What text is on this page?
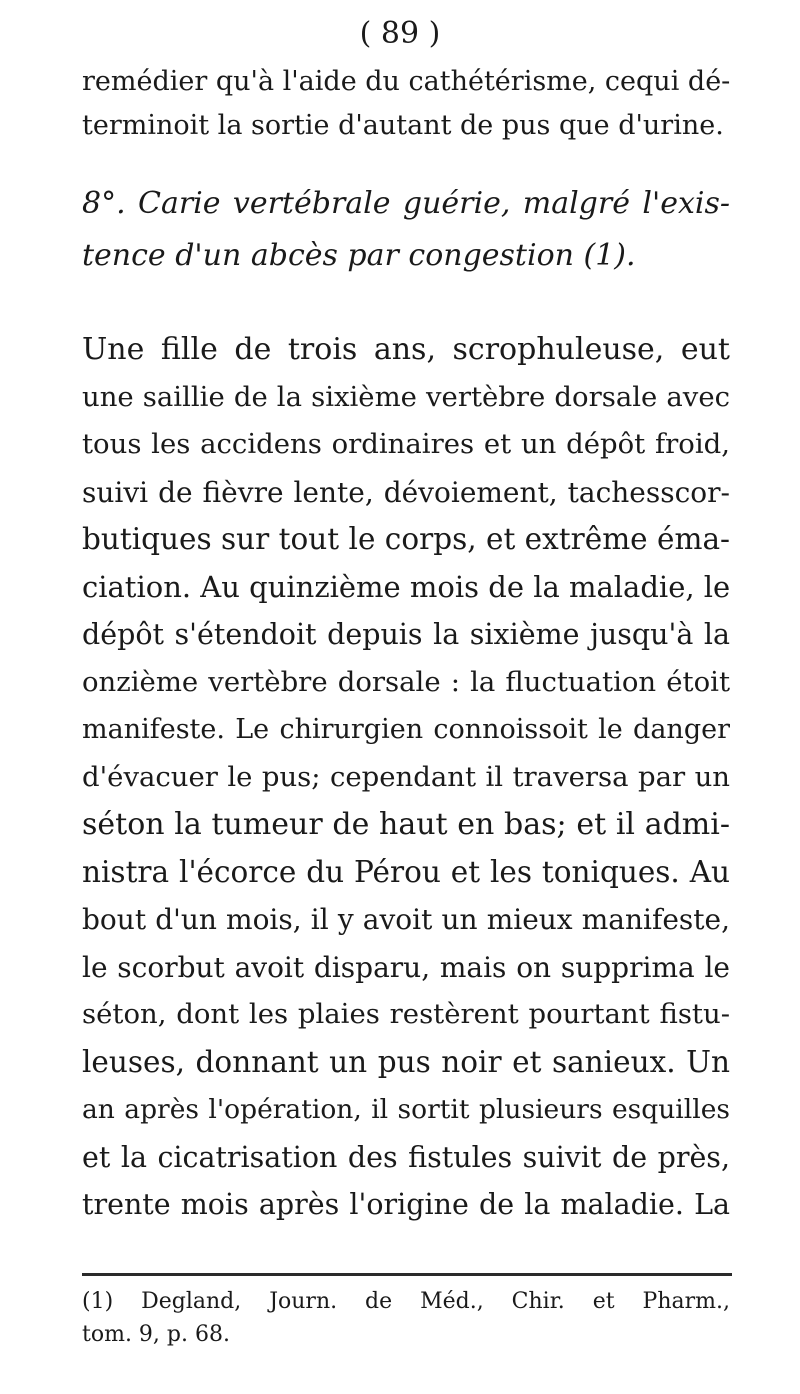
( 89 )
remédier qu'à l'aide du cathétérisme, cequi dé-
terminoit la sortie d'autant de pus que d'urine.
8°. Carie vertébrale guérie, malgré l'exis-
tence d'un abcès par congestion (1).
Une fille de trois ans, scrophuleuse, eut
une saillie de la sixième vertèbre dorsale avec
tous les accidens ordinaires et un dépôt froid,
suivi de fièvre lente, dévoiement, tachesscor-
butiques sur tout le corps, et extrême éma-
ciation. Au quinzième mois de la maladie, le
dépôt s'étendoit depuis la sixième jusqu'à la
onzième vertèbre dorsale : la fluctuation étoit
manifeste. Le chirurgien connoissoit le danger
d'évacuer le pus; cependant il traversa par un
séton la tumeur de haut en bas; et il admi-
nistra l'écorce du Pérou et les toniques. Au
bout d'un mois, il y avoit un mieux manifeste,
le scorbut avoit disparu, mais on supprima le
séton, dont les plaies restèrent pourtant fistu-
leuses, donnant un pus noir et sanieux. Un
an après l'opération, il sortit plusieurs esquilles
et la cicatrisation des fistules suivit de près,
trente mois après l'origine de la maladie. La
(1) Degland, Journ. de Méd., Chir. et Pharm.,
tom. 9, p. 68.
